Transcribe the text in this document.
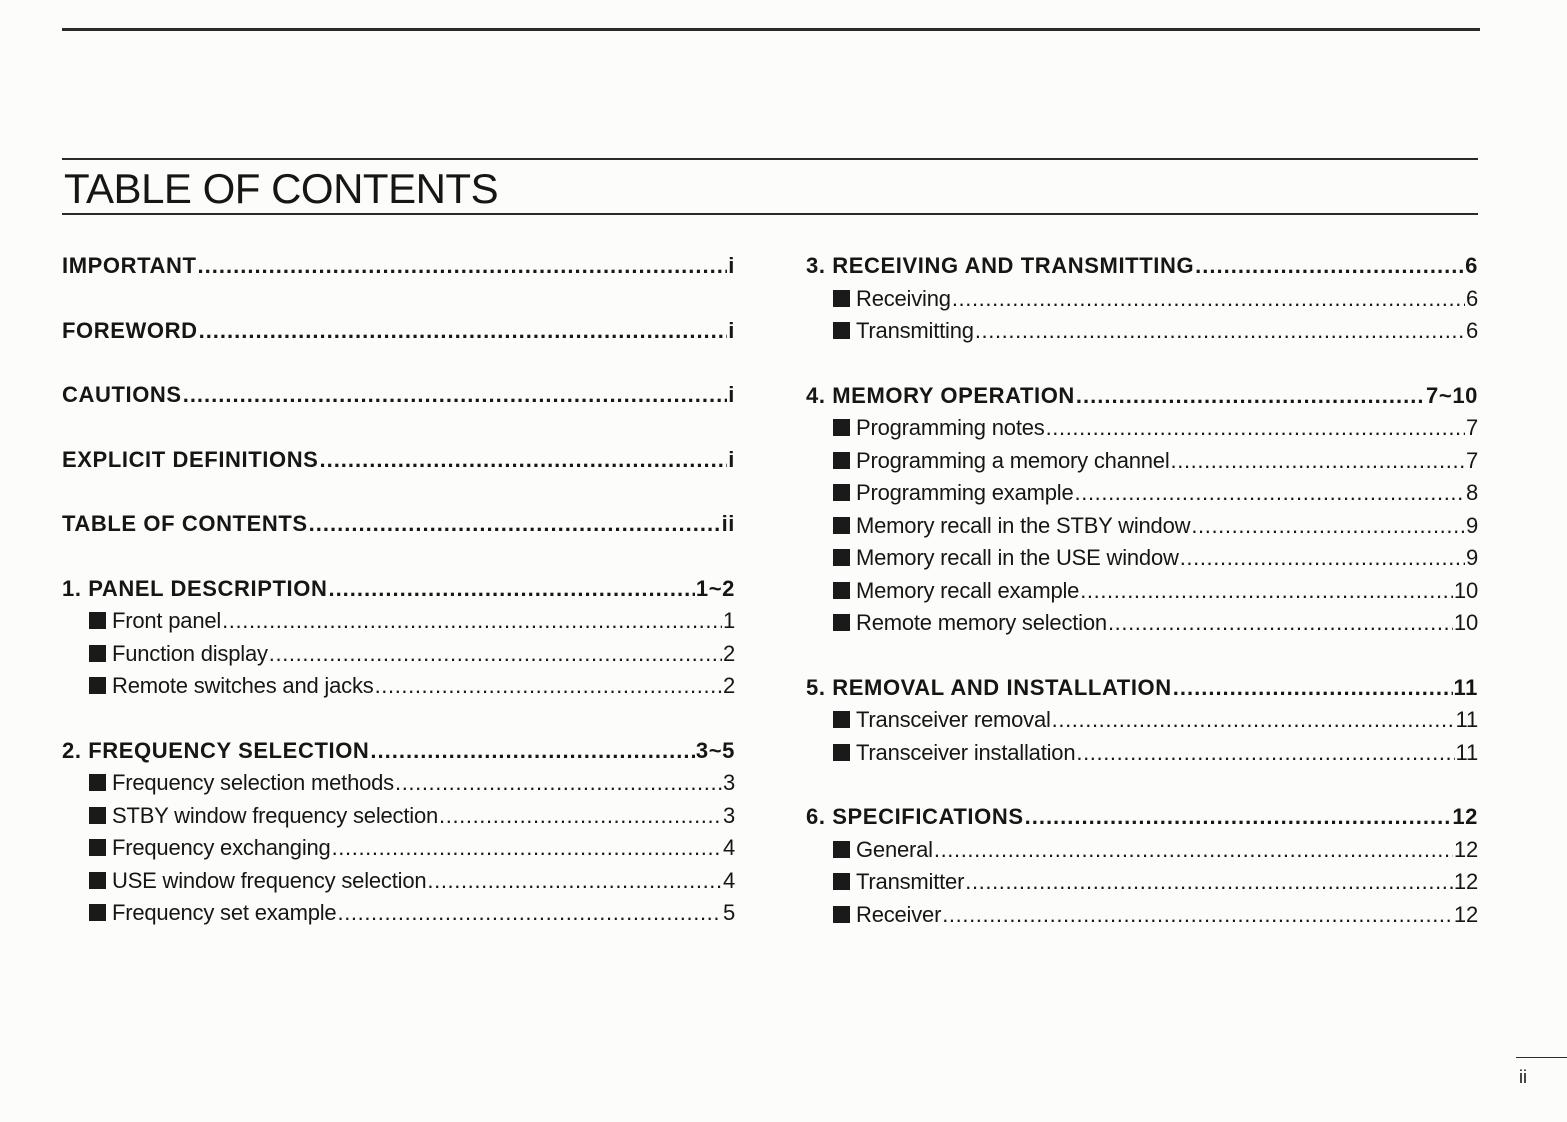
TABLE OF CONTENTS
IMPORTANT .....	i
FOREWORD .....	i
CAUTIONS .....	i
EXPLICIT DEFINITIONS .....	i
TABLE OF CONTENTS .....	ii
1. PANEL DESCRIPTION .....	1~2
Front panel .....	1
Function display .....	2
Remote switches and jacks .....	2
2. FREQUENCY SELECTION .....	3~5
Frequency selection methods .....	3
STBY window frequency selection .....	3
Frequency exchanging .....	4
USE window frequency selection .....	4
Frequency set example .....	5
3. RECEIVING AND TRANSMITTING .....	6
Receiving .....	6
Transmitting .....	6
4. MEMORY OPERATION .....	7~10
Programming notes .....	7
Programming a memory channel .....	7
Programming example .....	8
Memory recall in the STBY window .....	9
Memory recall in the USE window .....	9
Memory recall example .....	10
Remote memory selection .....	10
5. REMOVAL AND INSTALLATION .....	11
Transceiver removal .....	11
Transceiver installation .....	11
6. SPECIFICATIONS .....	12
General .....	12
Transmitter .....	12
Receiver .....	12
ii
